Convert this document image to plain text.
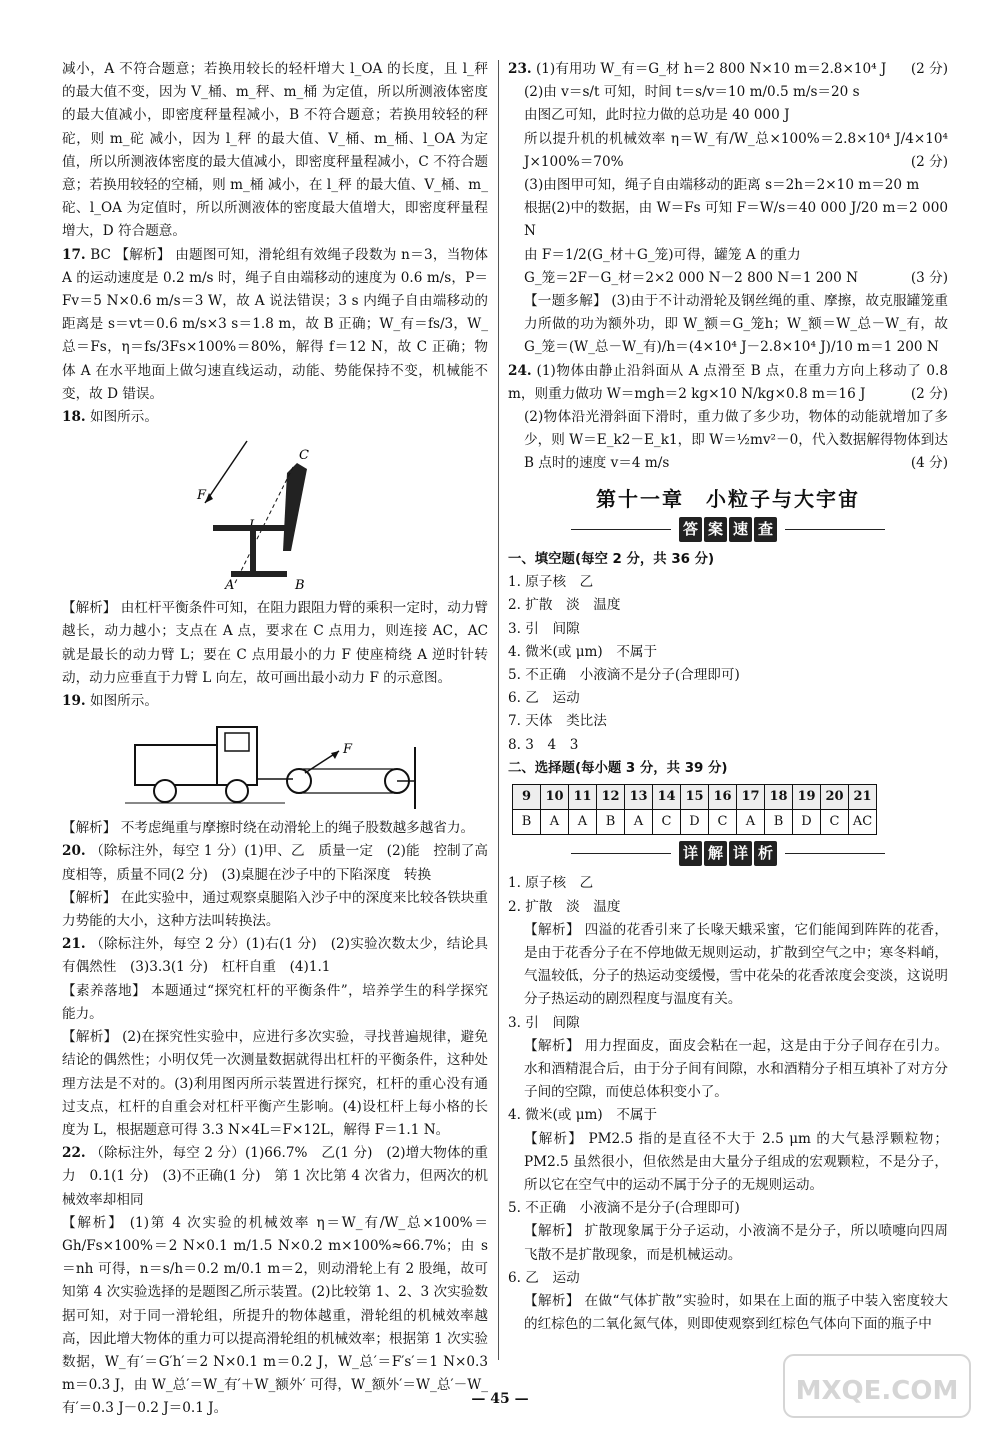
减小，A 不符合题意；若换用较长的轻杆增大 l_OA 的长度，且 l_秤 的最大值不变，因为 V_桶、m_秤、m_桶 为定值，所以所测液体密度的最大值减小，即密度秤量程减小，B 不符合题意；若换用较轻的秤砣，则 m_砣 减小，因为 l_秤 的最大值、V_桶、m_桶、l_OA 为定值，所以所测液体密度的最大值减小，即密度秤量程减小，C 不符合题意；若换用较轻的空桶，则 m_桶 减小，在 l_秤 的最大值、V_桶、m_砣、l_OA 为定值时，所以所测液体的密度最大值增大，即密度秤量程增大，D 符合题意。

17. BC 【解析】 由题图可知，滑轮组有效绳子段数为 n＝3，当物体 A 的运动速度是 0.2 m/s 时，绳子自由端移动的速度为 0.6 m/s，P＝Fv＝5 N×0.6 m/s＝3 W，故 A 说法错误；3 s 内绳子自由端移动的距离是 s＝vt＝0.6 m/s×3 s＝1.8 m，故 B 正确；W_有＝fs/3，W_总＝Fs，η＝fs/3Fs×100%＝80%，解得 f＝12 N，故 C 正确；物体 A 在水平地面上做匀速直线运动，动能、势能保持不变，机械能不变，故 D 错误。

18. 如图所示。

F
C
A	B

【解析】 由杠杆平衡条件可知，在阻力跟阻力臂的乘积一定时，动力臂越长，动力越小；支点在 A 点，要求在 C 点用力，则连接 AC，AC 就是最长的动力臂 L；要在 C 点用最小的力 F 使座椅绕 A 逆时针转动，动力应垂直于力臂 L 向左，故可画出最小动力 F 的示意图。

19. 如图所示。

F

【解析】 不考虑绳重与摩擦时绕在动滑轮上的绳子股数越多越省力。

20. （除标注外，每空 1 分）(1)甲、乙　质量一定　(2)能　控制了高度相等，质量不同(2 分)　(3)桌腿在沙子中的下陷深度　转换

【解析】 在此实验中，通过观察桌腿陷入沙子中的深度来比较各铁块重力势能的大小，这种方法叫转换法。

21. （除标注外，每空 2 分）(1)右(1 分)　(2)实验次数太少，结论具有偶然性　(3)3.3(1 分)　杠杆自重　(4)1.1

【素养落地】 本题通过“探究杠杆的平衡条件”，培养学生的科学探究能力。

【解析】 (2)在探究性实验中，应进行多次实验，寻找普遍规律，避免结论的偶然性；小明仅凭一次测量数据就得出杠杆的平衡条件，这种处理方法是不对的。(3)利用图丙所示装置进行探究，杠杆的重心没有通过支点，杠杆的自重会对杠杆平衡产生影响。(4)设杠杆上每小格的长度为 L，根据题意可得 3.3 N×4L＝F×12L，解得 F＝1.1 N。

22. （除标注外，每空 2 分）(1)66.7%　乙(1 分)　(2)增大物体的重力　0.1(1 分)　(3)不正确(1 分)　第 1 次比第 4 次省力，但两次的机械效率却相同

【解析】 (1)第 4 次实验的机械效率 η＝W_有/W_总×100%＝Gh/Fs×100%＝2 N×0.1 m/1.5 N×0.2 m×100%≈66.7%；由 s＝nh 可得，n＝s/h＝0.2 m/0.1 m＝2，则动滑轮上有 2 股绳，故可知第 4 次实验选择的是题图乙所示装置。(2)比较第 1、2、3 次实验数据可知，对于同一滑轮组，所提升的物体越重，滑轮组的机械效率越高，因此增大物体的重力可以提高滑轮组的机械效率；根据第 1 次实验数据，W_有′＝G′h′＝2 N×0.1 m＝0.2 J，W_总′＝F′s′＝1 N×0.3 m＝0.3 J，由 W_总′＝W_有′＋W_额外′ 可得，W_额外′＝W_总′－W_有′＝0.3 J－0.2 J＝0.1 J。

23. (1)有用功 W_有＝G_材 h＝2 800 N×10 m＝2.8×10⁴ J (2 分)

(2)由 v＝s/t 可知，时间 t＝s/v＝10 m/0.5 m/s＝20 s

由图乙可知，此时拉力做的总功是 40 000 J

所以提升机的机械效率 η＝W_有/W_总×100%＝2.8×10⁴ J/4×10⁴ J×100%＝70%	(2 分)

(3)由图甲可知，绳子自由端移动的距离 s＝2h＝2×10 m＝20 m

根据(2)中的数据，由 W＝Fs 可知 F＝W/s＝40 000 J/20 m＝2 000 N

由 F＝1/2(G_材＋G_笼)可得，罐笼 A 的重力

G_笼＝2F－G_材＝2×2 000 N－2 800 N＝1 200 N	(3 分)

【一题多解】 (3)由于不计动滑轮及钢丝绳的重、摩擦，故克服罐笼重力所做的功为额外功，即 W_额＝G_笼h；W_额＝W_总－W_有，故 G_笼＝(W_总－W_有)/h＝(4×10⁴ J－2.8×10⁴ J)/10 m＝1 200 N

24. (1)物体由静止沿斜面从 A 点滑至 B 点，在重力方向上移动了 0.8 m，则重力做功 W＝mgh＝2 kg×10 N/kg×0.8 m＝16 J	(2 分)

(2)物体沿光滑斜面下滑时，重力做了多少功，物体的动能就增加了多少，则 W＝E_k2－E_k1，即 W＝½mv²－0，代入数据解得物体到达 B 点时的速度 v＝4 m/s	(4 分)

第十一章　小粒子与大宇宙
答 案 速 查

一、填空题(每空 2 分，共 36 分)

1. 原子核　乙

2. 扩散　淡　温度

3. 引　间隙

4. 微米(或 μm)　不属于

5. 不正确　小液滴不是分子(合理即可)

6. 乙　运动

7. 天体　类比法

8. 3　4　3

二、选择题(每小题 3 分，共 39 分)

9	10	11	12	13	14	15	16	17	18	19	20	21
B	A	A	B	A	C	D	C	A	B	D	C	AC
详 解 详 析

1. 原子核　乙

2. 扩散　淡　温度

【解析】 四溢的花香引来了长喙天蛾采蜜，它们能闻到阵阵的花香，是由于花香分子在不停地做无规则运动，扩散到空气之中；寒冬料峭，气温较低，分子的热运动变缓慢，雪中花朵的花香浓度会变淡，这说明分子热运动的剧烈程度与温度有关。

3. 引　间隙

【解析】 用力捏面皮，面皮会粘在一起，这是由于分子间存在引力。水和酒精混合后，由于分子间有间隙，水和酒精分子相互填补了对方分子间的空隙，而使总体积变小了。

4. 微米(或 μm)　不属于

【解析】 PM2.5 指的是直径不大于 2.5 μm 的大气悬浮颗粒物；PM2.5 虽然很小，但依然是由大量分子组成的宏观颗粒，不是分子，所以它在空气中的运动不属于分子的无规则运动。

5. 不正确　小液滴不是分子(合理即可)

【解析】 扩散现象属于分子运动，小液滴不是分子，所以喷嚏向四周飞散不是扩散现象，而是机械运动。

6. 乙　运动

【解析】 在做“气体扩散”实验时，如果在上面的瓶子中装入密度较大的红棕色的二氧化氮气体，则即使观察到红棕色气体向下面的瓶子中

— 45 —	MXQE.COM
